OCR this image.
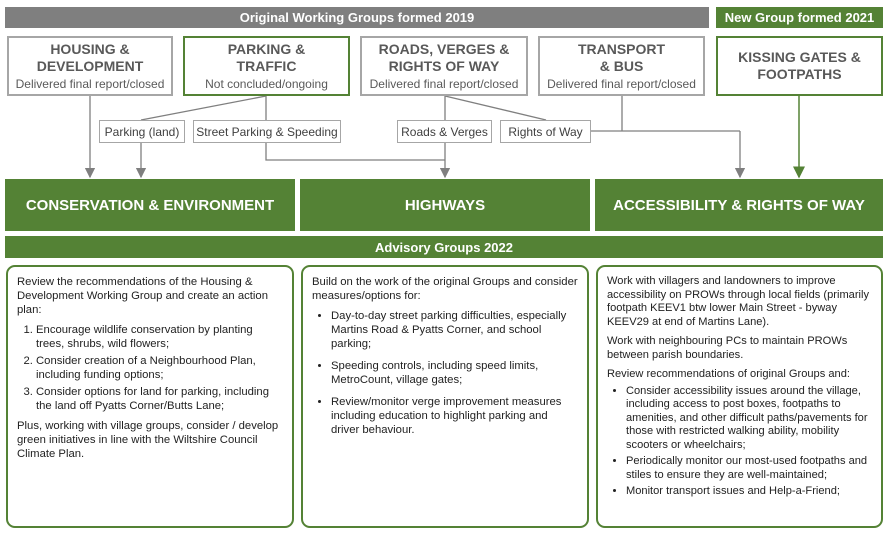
Original Working Groups formed 2019	New Group formed 2021
HOUSING &
DEVELOPMENT
Delivered final report/closed
PARKING &
TRAFFIC
Not concluded/ongoing
ROADS, VERGES &
RIGHTS OF WAY
Delivered final report/closed
TRANSPORT
& BUS
Delivered final report/closed
KISSING GATES &
FOOTPATHS
Parking (land)	Street Parking & Speeding	Roads & Verges	Rights of Way
CONSERVATION & ENVIRONMENT	HIGHWAYS	ACCESSIBILITY & RIGHTS OF WAY
Advisory Groups 2022

Review the recommendations of the Housing & Development Working Group and create an action plan:

1. Encourage wildlife conservation by planting trees, shrubs, wild flowers;
2. Consider creation of a Neighbourhood Plan, including funding options;
3. Consider options for land for parking, including the land off Pyatts Corner/Butts Lane;

Plus, working with village groups, consider / develop green initiatives in line with the Wiltshire Council Climate Plan.

Build on the work of the original Groups and consider measures/options for:

• Day-to-day street parking difficulties, especially Martins Road & Pyatts Corner, and school parking;
• Speeding controls, including speed limits, MetroCount, village gates;
• Review/monitor verge improvement measures including education to highlight parking and driver behaviour.

Work with villagers and landowners to improve accessibility on PROWs through local fields (primarily footpath KEEV1 btw lower Main Street - byway KEEV29 at end of Martins Lane).

Work with neighbouring PCs to maintain PROWs between parish boundaries.

Review recommendations of original Groups and:

• Consider accessibility issues around the village, including access to post boxes, footpaths to amenities, and other difficult paths/pavements for those with restricted walking ability, mobility scooters or wheelchairs;
• Periodically monitor our most-used footpaths and stiles to ensure they are well-maintained;
• Monitor transport issues and Help-a-Friend;
